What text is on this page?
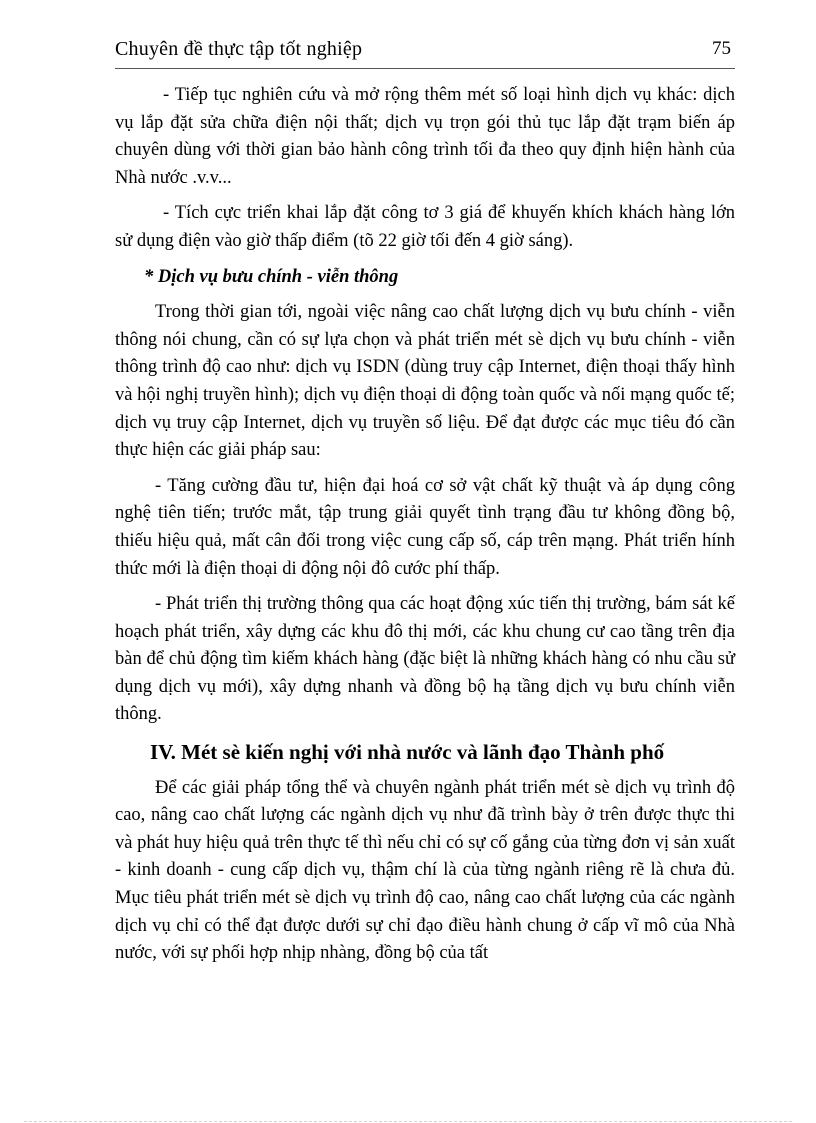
Chuyên đề thực tập tốt nghiệp	75

- Tiếp tục nghiên cứu và mở rộng thêm mét số loại hình dịch vụ khác: dịch vụ lắp đặt sửa chữa điện nội thất; dịch vụ trọn gói thủ tục lắp đặt trạm biến áp chuyên dùng với thời gian bảo hành công trình tối đa theo quy định hiện hành của Nhà nước .v.v...

- Tích cực triển khai lắp đặt công tơ 3 giá để khuyến khích khách hàng lớn sử dụng điện vào giờ thấp điểm (tõ 22 giờ tối đến 4 giờ sáng).

* Dịch vụ bưu chính - viễn thông

Trong thời gian tới, ngoài việc nâng cao chất lượng dịch vụ bưu chính - viễn thông nói chung, cần có sự lựa chọn và phát triển mét sè dịch vụ bưu chính - viễn thông trình độ cao như: dịch vụ ISDN (dùng truy cập Internet, điện thoại thấy hình và hội nghị truyền hình); dịch vụ điện thoại di động toàn quốc và nối mạng quốc tế; dịch vụ truy cập Internet, dịch vụ truyền số liệu. Để đạt được các mục tiêu đó cần thực hiện các giải pháp sau:

- Tăng cường đầu tư, hiện đại hoá cơ sở vật chất kỹ thuật và áp dụng công nghệ tiên tiến; trước mắt, tập trung giải quyết tình trạng đầu tư không đồng bộ, thiếu hiệu quả, mất cân đối trong việc cung cấp số, cáp trên mạng. Phát triển hính thức mới là điện thoại di động nội đô cước phí thấp.

- Phát triển thị trường thông qua các hoạt động xúc tiến thị trường, bám sát kế hoạch phát triển, xây dựng các khu đô thị mới, các khu chung cư cao tầng trên địa bàn để chủ động tìm kiếm khách hàng (đặc biệt là những khách hàng có nhu cầu sử dụng dịch vụ mới), xây dựng nhanh và đồng bộ hạ tầng dịch vụ bưu chính viễn thông.

IV. Mét sè kiến nghị với nhà nước và lãnh đạo Thành phố

Để các giải pháp tổng thể và chuyên ngành phát triển mét sè dịch vụ trình độ cao, nâng cao chất lượng các ngành dịch vụ như đã trình bày ở trên được thực thi và phát huy hiệu quả trên thực tế thì nếu chỉ có sự cố gắng của từng đơn vị sản xuất - kinh doanh - cung cấp dịch vụ, thậm chí là của từng ngành riêng rẽ là chưa đủ. Mục tiêu phát triển mét sè dịch vụ trình độ cao, nâng cao chất lượng của các ngành dịch vụ chỉ có thể đạt được dưới sự chỉ đạo điều hành chung ở cấp vĩ mô của Nhà nước, với sự phối hợp nhịp nhàng, đồng bộ của tất
